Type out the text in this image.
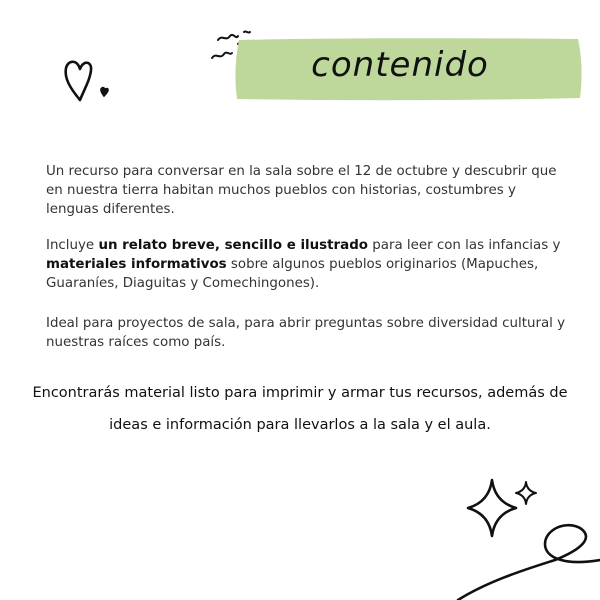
contenido

Un recurso para conversar en la sala sobre el 12 de octubre y descubrir que en nuestra tierra habitan muchos pueblos con historias, costumbres y lenguas diferentes.

Incluye un relato breve, sencillo e ilustrado para leer con las infancias y materiales informativos sobre algunos pueblos originarios (Mapuches, Guaraníes, Diaguitas y Comechingones).

Ideal para proyectos de sala, para abrir preguntas sobre diversidad cultural y nuestras raíces como país.

Encontrarás material listo para imprimir y armar tus recursos, además de

ideas e información para llevarlos a la sala y el aula.
